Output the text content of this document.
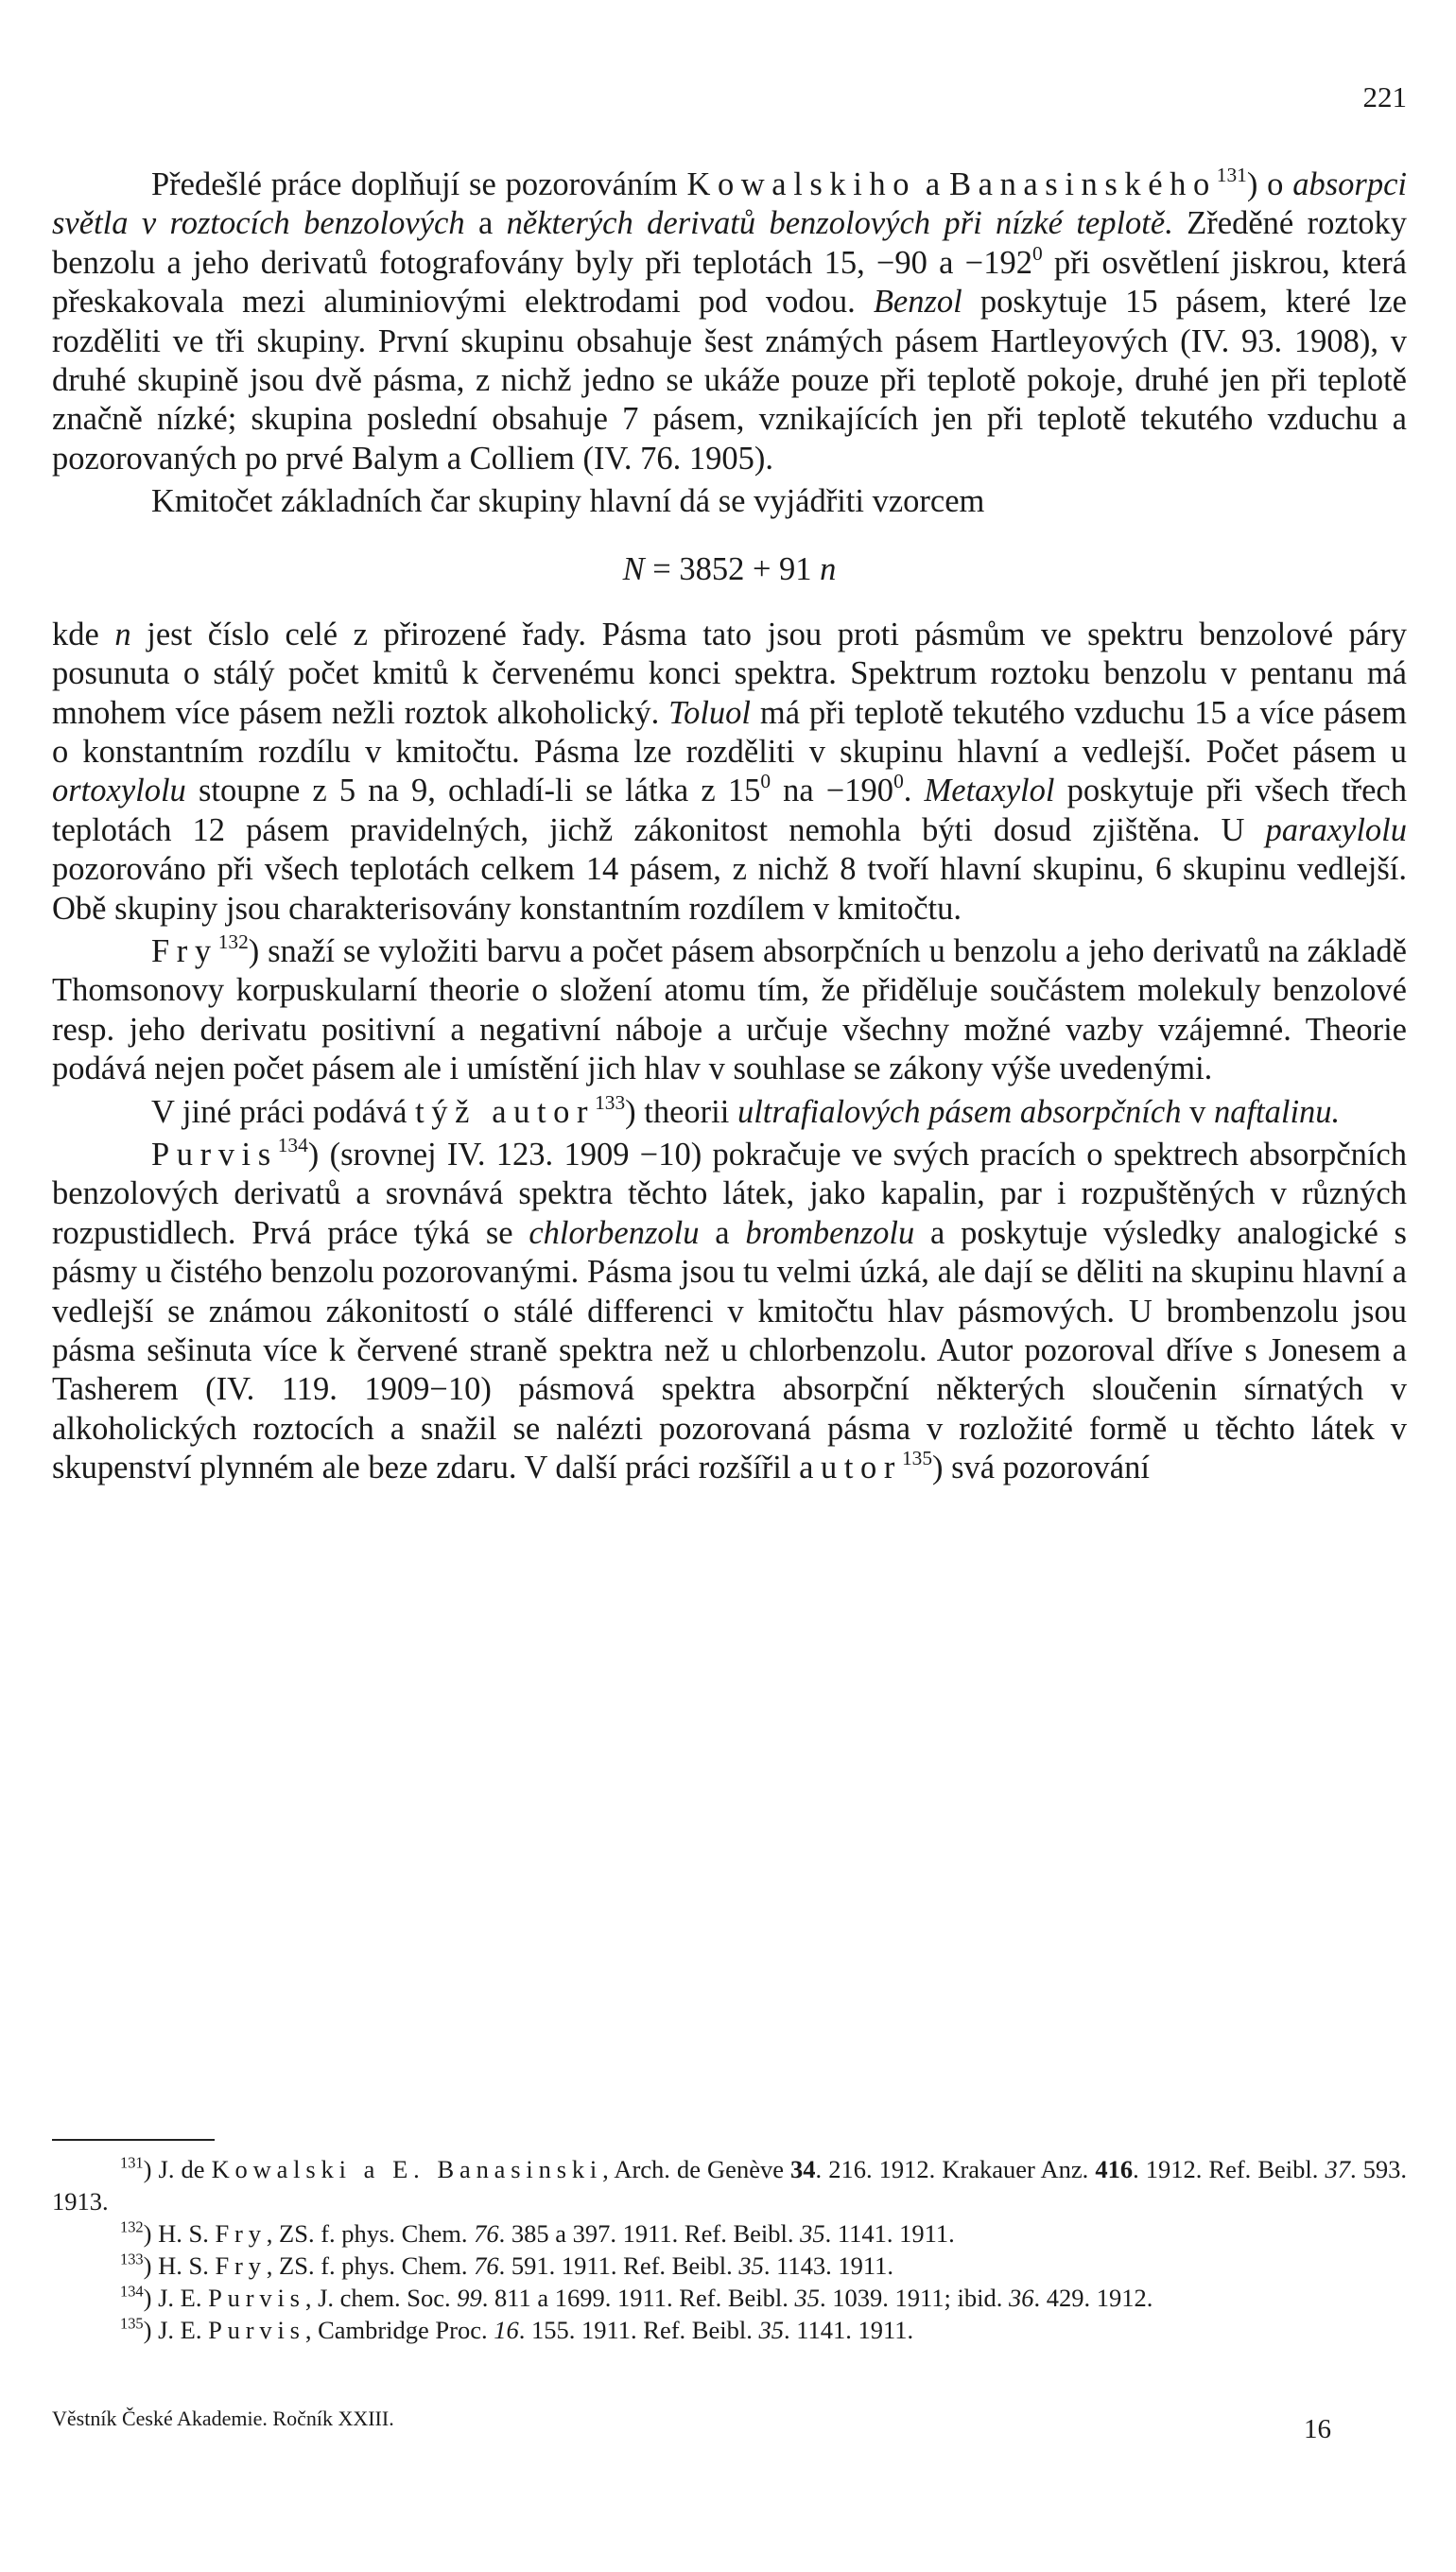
221

Předešlé práce doplňují se pozorováním Kowalskiho a Banasinského$^{131}$) o absorpci světla v roztocích benzolových a některých derivatů benzolových při nízké teplotě. Zředěné roztoky benzolu a jeho derivatů fotografovány byly při teplotách 15, −90 $a -192^0$ při osvětlení jiskrou, která přeskakovala mezi aluminiovými elektrodami pod vodou. Benzol poskytuje 15 pásem, které lze rozděliti ve tři skupiny. První skupinu obsahuje šest známých pásem Hartleyových (IV. 93. 1908), v druhé skupině jsou dvě pásma, z nichž jedno se ukáže pouze při teplotě pokoje, druhé jen při teplotě značně nízké; skupina poslední obsahuje 7 pásem, vznikajících jen při teplotě tekutého vzduchu a pozorovaných po prvé Balym a Colliem (IV. 76. 1905).

Kmitočet základních čar skupiny hlavní dá se vyjádřiti vzorcem

N = 3852 + 91 n

kde n jest číslo celé z přirozené řady. Pásma tato jsou proti pásmům ve spektru benzolové páry posunuta o stálý počet kmitů k červenému konci spektra. Spektrum roztoku benzolu v pentanu má mnohem více pásem nežli roztok alkoholický. Toluol má při teplotě tekutého vzduchu 15 a více pásem o konstantním rozdílu v kmitočtu. Pásma lze rozděliti v skupinu hlavní a vedlejší. Počet pásem u ortoxylolu stoupne z 5 na 9, ochladí-li se látka z $15^0$ na $-190^0$. Metaxylol poskytuje při všech třech teplotách 12 pásem pravidelných, jichž zákonitost nemohla býti dosud zjištěna. U paraxylolu pozorováno při všech teplotách celkem 14 pásem, z nichž 8 tvoří hlavní skupinu, 6 skupinu vedlejší. Obě skupiny jsou charakterisovány konstantním rozdílem v kmitočtu.

Fry$^{132}$) snaží se vyložiti barvu a počet pásem absorpčních u benzolu a jeho derivatů na základě Thomsonovy korpuskularní theorie o složení atomu tím, že přiděluje součástem molekuly benzolové resp. jeho derivatu positivní a negativní náboje a určuje všechny možné vazby vzájemné. Theorie podává nejen počet pásem ale i umístění jich hlav v souhlase se zákony výše uvedenými.

V jiné práci podává týž autor$^{133}$) theorii ultrafialových pásem absorpčních v naftalinu.

Purvis$^{134}$) (srovnej IV. 123. 1909 −10) pokračuje ve svých pracích o spektrech absorpčních benzolových derivatů a srovnává spektra těchto látek, jako kapalin, par i rozpuštěných v různých rozpustidlech. Prvá práce týká se chlorbenzolu a brombenzolu a poskytuje výsledky analogické s pásmy u čistého benzolu pozorovanými. Pásma jsou tu velmi úzká, ale dají se děliti na skupinu hlavní a vedlejší se známou zákonitostí o stálé differenci v kmitočtu hlav pásmových. U brombenzolu jsou pásma sešinuta více k červené straně spektra než u chlorbenzolu. Autor pozoroval dříve s Jonesem a Tasherem (IV. 119. 1909−10) pásmová spektra absorpční některých sloučenin sírnatých v alkoholických roztocích a snažil se nalézti pozorovaná pásma v rozložité formě u těchto látek v skupenství plynném ale beze zdaru. V další práci rozšířil autor$^{135}$) svá pozorování

$^{131}$) J. de Kowalski a E. Banasinski, Arch. de Genève 34. 216. 1912. Krakauer Anz. 416. 1912. Ref. Beibl. 37. 593. 1913.

$^{132}$) H. S. Fry, ZS. f. phys. Chem. 76. 385 a 397. 1911. Ref. Beibl. 35. 1141. 1911.

$^{133}$) H. S. Fry, ZS. f. phys. Chem. 76. 591. 1911. Ref. Beibl. 35. 1143. 1911.

$^{134}$) J. E. Purvis, J. chem. Soc. 99. 811 a 1699. 1911. Ref. Beibl. 35. 1039. 1911; ibid. 36. 429. 1912.

$^{135}$) J. E. Purvis, Cambridge Proc. 16. 155. 1911. Ref. Beibl. 35. 1141. 1911.

Věstník České Akademie. Ročník XXIII.	16
